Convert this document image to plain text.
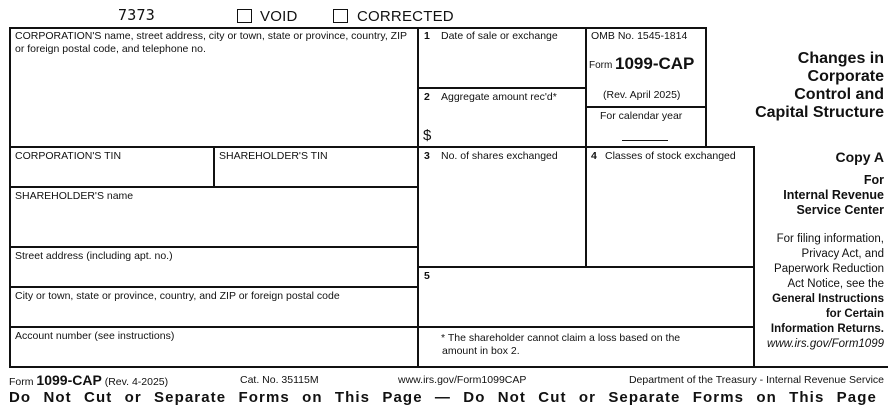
7373	VOID	CORRECTED
CORPORATION'S name, street address, city or town, state or province, country, ZIP or foreign postal code, and telephone no.
1 Date of sale or exchange
2 Aggregate amount rec'd*
$
OMB No. 1545-1814
Form 1099-CAP
(Rev. April 2025)
For calendar year
Changes in
Corporate
Control and
Capital Structure
CORPORATION'S TIN	SHAREHOLDER'S TIN	3 No. of shares exchanged	4 Classes of stock exchanged	Copy A
For
Internal Revenue
Service Center
For filing information,
Privacy Act, and
Paperwork Reduction
Act Notice, see the
General Instructions
for Certain
Information Returns.
www.irs.gov/Form1099
SHAREHOLDER'S name
Street address (including apt. no.)
5
City or town, state or province, country, and ZIP or foreign postal code
Account number (see instructions)	* The shareholder cannot claim a loss based on the
amount in box 2.
Form 1099-CAP (Rev. 4-2025)	Cat. No. 35115M	www.irs.gov/Form1099CAP	Department of the Treasury - Internal Revenue Service
Do Not Cut or Separate Forms on This Page — Do Not Cut or Separate Forms on This Page
